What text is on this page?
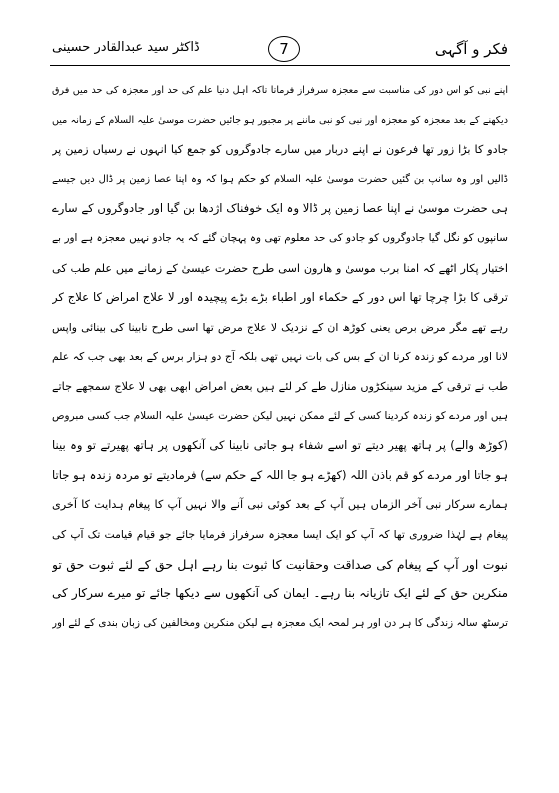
ڈاکٹر سید عبدالقادر حسینی	7	فکر و آگہی
اپنے نبی کو اس دور کی مناسبت سے معجزہ سرفراز فرماتا تاکہ اہل دنیا علم کی حد اور معجزہ کی حد میں فرق
دیکھنے کے بعد معجزہ کو معجزہ اور نبی کو نبی ماننے پر مجبور ہو جائیں حضرت موسیٰ علیہ السلام کے زمانہ میں
جادو کا بڑا زور تھا فرعون نے اپنے دربار میں سارے جادوگروں کو جمع کیا انہوں نے رسیاں زمین پر
ڈالیں اور وہ سانپ بن گئیں حضرت موسیٰ علیہ السلام کو حکم ہوا کہ وہ اپنا عصا زمین پر ڈال دیں جیسے
ہی حضرت موسیٰ نے اپنا عصا زمین پر ڈالا وہ ایک خوفناک اژدھا بن گیا اور جادوگروں کے سارے
سانپوں کو نگل گیا جادوگروں کو جادو کی حد معلوم تھی وہ پہچان گئے کہ یہ جادو نہیں معجزہ ہے اور بے
اختیار پکار اٹھے کہ امنا برب موسیٰ و ھارون اسی طرح حضرت عیسیٰ کے زمانے میں علم طب کی
ترقی کا بڑا چرچا تھا اس دور کے حکماء اور اطباء بڑے بڑے پیچیدہ اور لا علاج امراض کا علاج کر
رہے تھے مگر مرض برص یعنی کوڑھ ان کے نزدیک لا علاج مرض تھا اسی طرح نابینا کی بینائی واپس
لانا اور مردے کو زندہ کرنا ان کے بس کی بات نہیں تھی بلکہ آج دو ہزار برس کے بعد بھی جب کہ علم
طب نے ترقی کے مزید سینکڑوں منازل طے کر لئے ہیں بعض امراض ابھی بھی لا علاج سمجھے جاتے
ہیں اور مردے کو زندہ کردینا کسی کے لئے ممکن نہیں لیکن حضرت عیسیٰ علیہ السلام جب کسی مبروص
(کوڑھ والے) پر ہاتھ پھیر دیتے تو اسے شفاء ہو جاتی نابینا کی آنکھوں پر ہاتھ پھیرتے تو وہ بینا
ہو جاتا اور مردے کو قم باذن اللہ (کھڑے ہو جا اللہ کے حکم سے) فرمادیتے تو مردہ زندہ ہو جاتا
ہمارے سرکار نبی آخر الزماں ہیں آپ کے بعد کوئی نبی آنے والا نہیں آپ کا پیغام ہدایت کا آخری
پیغام ہے لہٰذا ضروری تھا کہ آپ کو ایک ایسا معجزہ سرفراز فرمایا جائے جو قیام قیامت تک آپ کی
نبوت اور آپ کے پیغام کی صداقت وحقانیت کا ثبوت بنا رہے اہل حق کے لئے ثبوت حق تو
منکرین حق کے لئے ایک تازیانہ بنا رہے۔ ایمان کی آنکھوں سے دیکھا جائے تو میرے سرکار کی
ترسٹھ سالہ زندگی کا ہر دن اور ہر لمحہ ایک معجزہ ہے لیکن منکرین ومخالفین کی زبان بندی کے لئے اور
